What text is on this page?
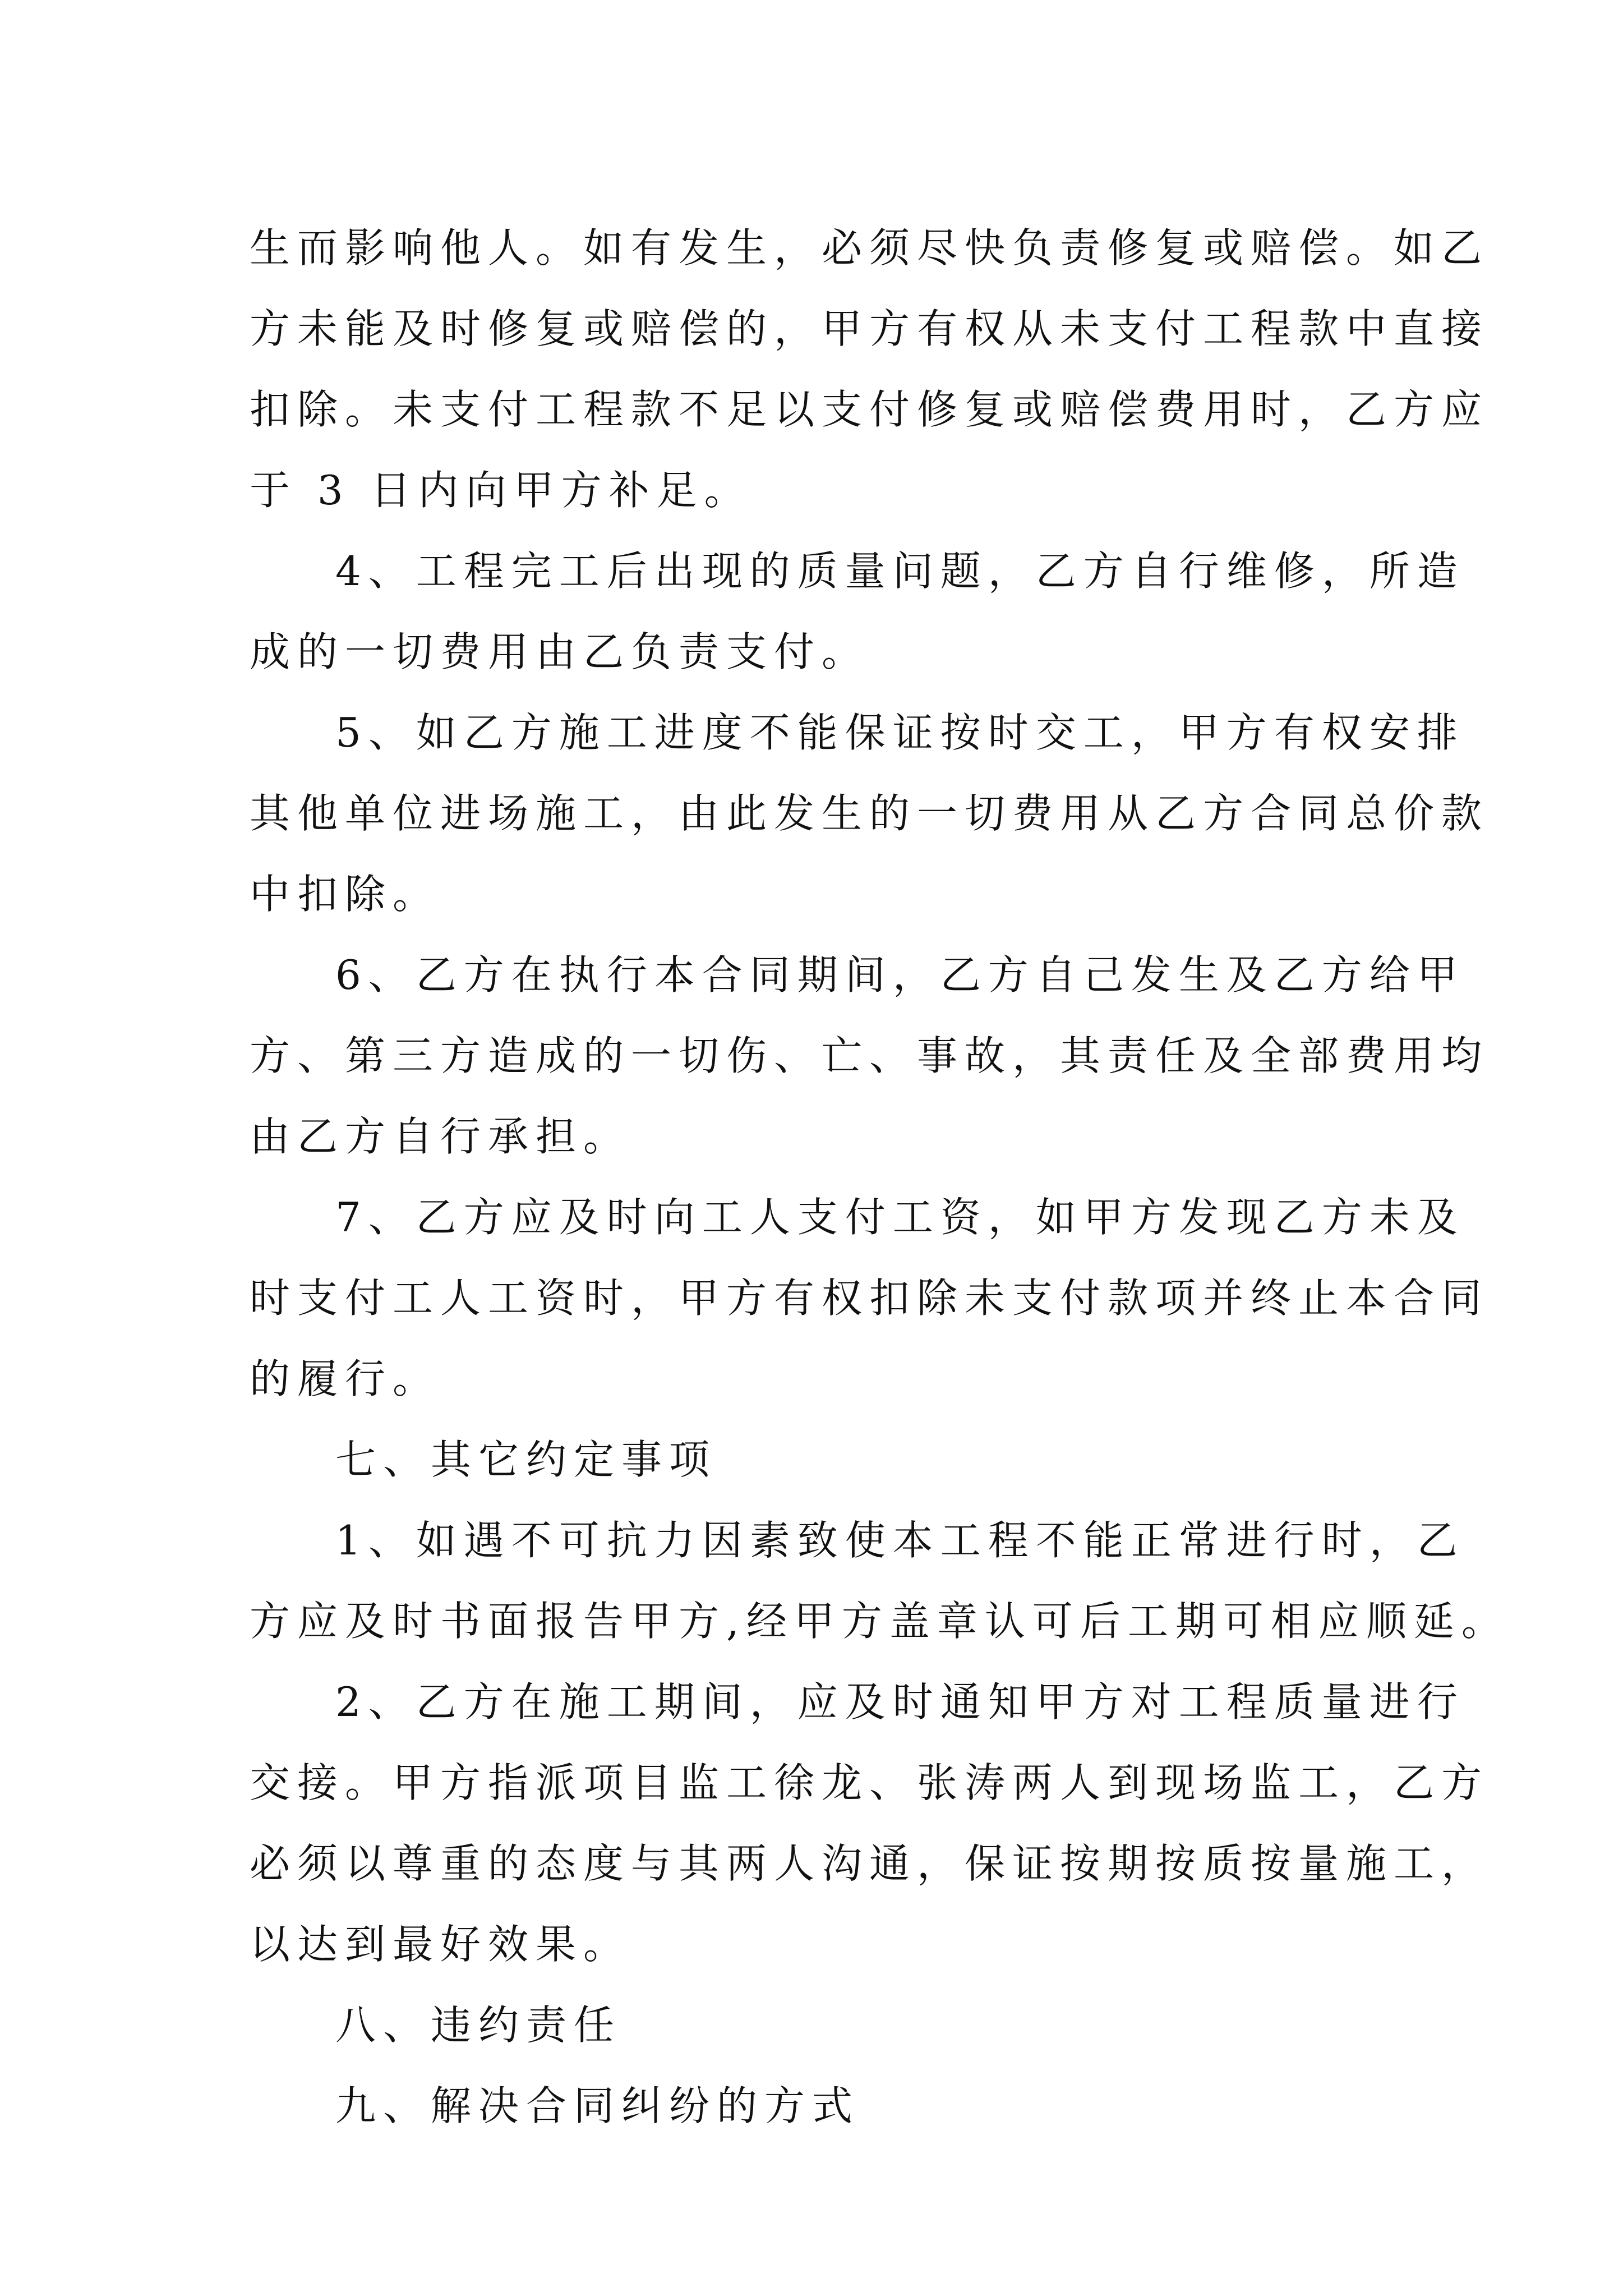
生而影响他人。如有发生，必须尽快负责修复或赔偿。如乙
方未能及时修复或赔偿的，甲方有权从未支付工程款中直接
扣除。未支付工程款不足以支付修复或赔偿费用时，乙方应
于 3 日内向甲方补足。
4、工程完工后出现的质量问题，乙方自行维修，所造
成的一切费用由乙负责支付。
5、如乙方施工进度不能保证按时交工，甲方有权安排
其他单位进场施工，由此发生的一切费用从乙方合同总价款
中扣除。
6、乙方在执行本合同期间，乙方自己发生及乙方给甲
方、第三方造成的一切伤、亡、事故，其责任及全部费用均
由乙方自行承担。
7、乙方应及时向工人支付工资，如甲方发现乙方未及
时支付工人工资时，甲方有权扣除未支付款项并终止本合同
的履行。
七、其它约定事项
1、如遇不可抗力因素致使本工程不能正常进行时，乙
方应及时书面报告甲方,经甲方盖章认可后工期可相应顺延。
2、乙方在施工期间，应及时通知甲方对工程质量进行
交接。甲方指派项目监工徐龙、张涛两人到现场监工，乙方
必须以尊重的态度与其两人沟通，保证按期按质按量施工，
以达到最好效果。
八、违约责任
九、解决合同纠纷的方式
